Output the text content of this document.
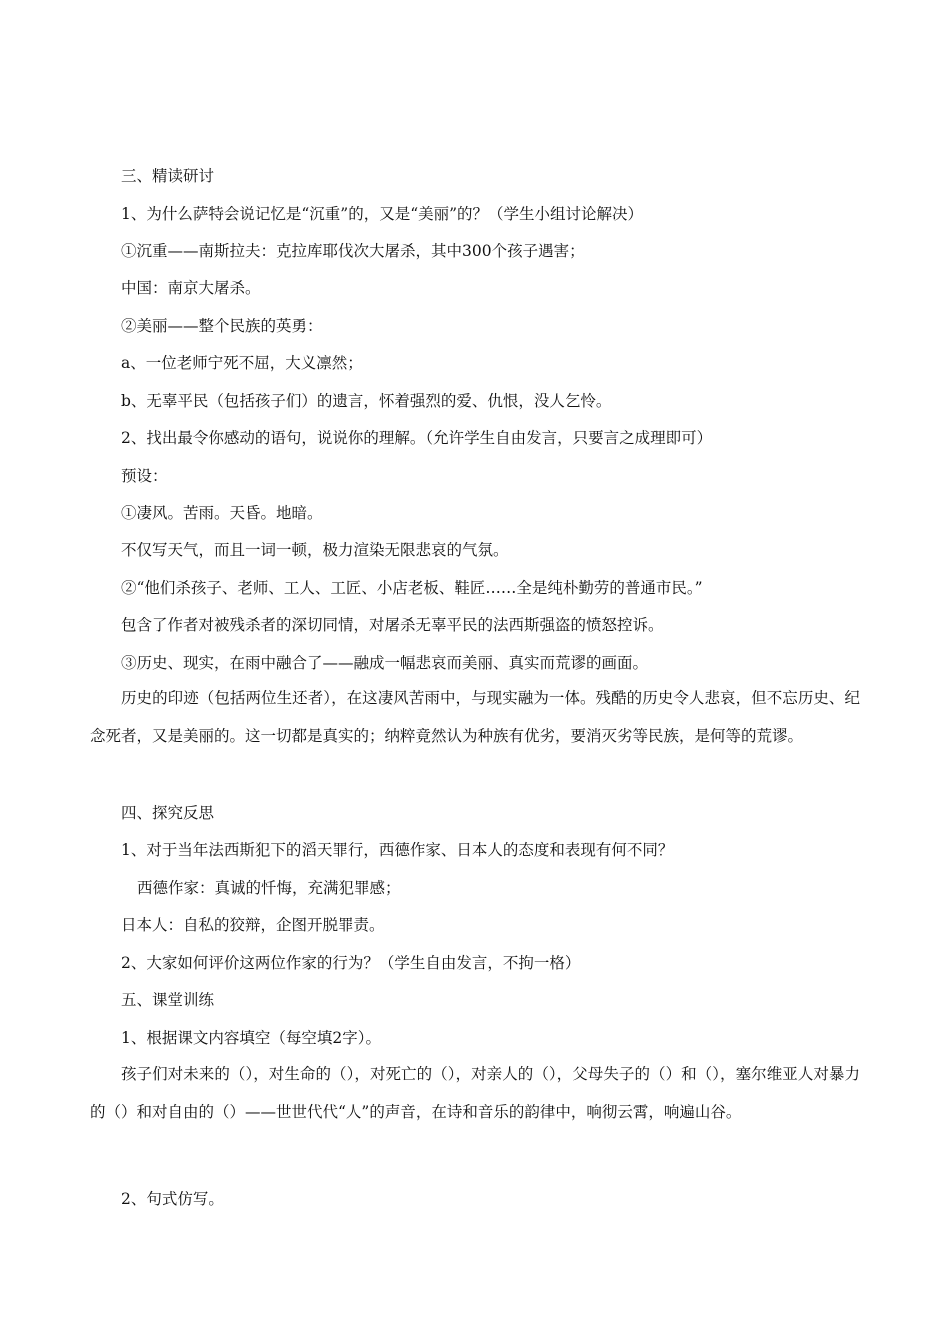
三、精读研讨
1、为什么萨特会说记忆是“沉重”的，又是“美丽”的？（学生小组讨论解决）
①沉重——南斯拉夫：克拉库耶伐次大屠杀，其中300个孩子遇害；
中国：南京大屠杀。
②美丽——整个民族的英勇：
a、一位老师宁死不屈，大义凛然；
b、无辜平民（包括孩子们）的遗言，怀着强烈的爱、仇恨，没人乞怜。
2、找出最令你感动的语句，说说你的理解。（允许学生自由发言，只要言之成理即可）
预设：
①凄风。苦雨。天昏。地暗。
不仅写天气，而且一词一顿，极力渲染无限悲哀的气氛。
②“他们杀孩子、老师、工人、工匠、小店老板、鞋匠……全是纯朴勤劳的普通市民。”
包含了作者对被残杀者的深切同情，对屠杀无辜平民的法西斯强盗的愤怒控诉。
③历史、现实，在雨中融合了——融成一幅悲哀而美丽、真实而荒谬的画面。
历史的印迹（包括两位生还者），在这凄风苦雨中，与现实融为一体。残酷的历史令人悲哀，但不忘历史、纪念死者，又是美丽的。这一切都是真实的；纳粹竟然认为种族有优劣，要消灭劣等民族，是何等的荒谬。
四、探究反思
1、对于当年法西斯犯下的滔天罪行，西德作家、日本人的态度和表现有何不同？
西德作家：真诚的忏悔，充满犯罪感；
日本人：自私的狡辩，企图开脱罪责。
2、大家如何评价这两位作家的行为？（学生自由发言，不拘一格）
五、课堂训练
1、根据课文内容填空（每空填2字）。
孩子们对未来的（），对生命的（），对死亡的（），对亲人的（），父母失子的（）和（），塞尔维亚人对暴力的（）和对自由的（）——世世代代“人”的声音，在诗和音乐的韵律中，响彻云霄，响遍山谷。
2、句式仿写。
